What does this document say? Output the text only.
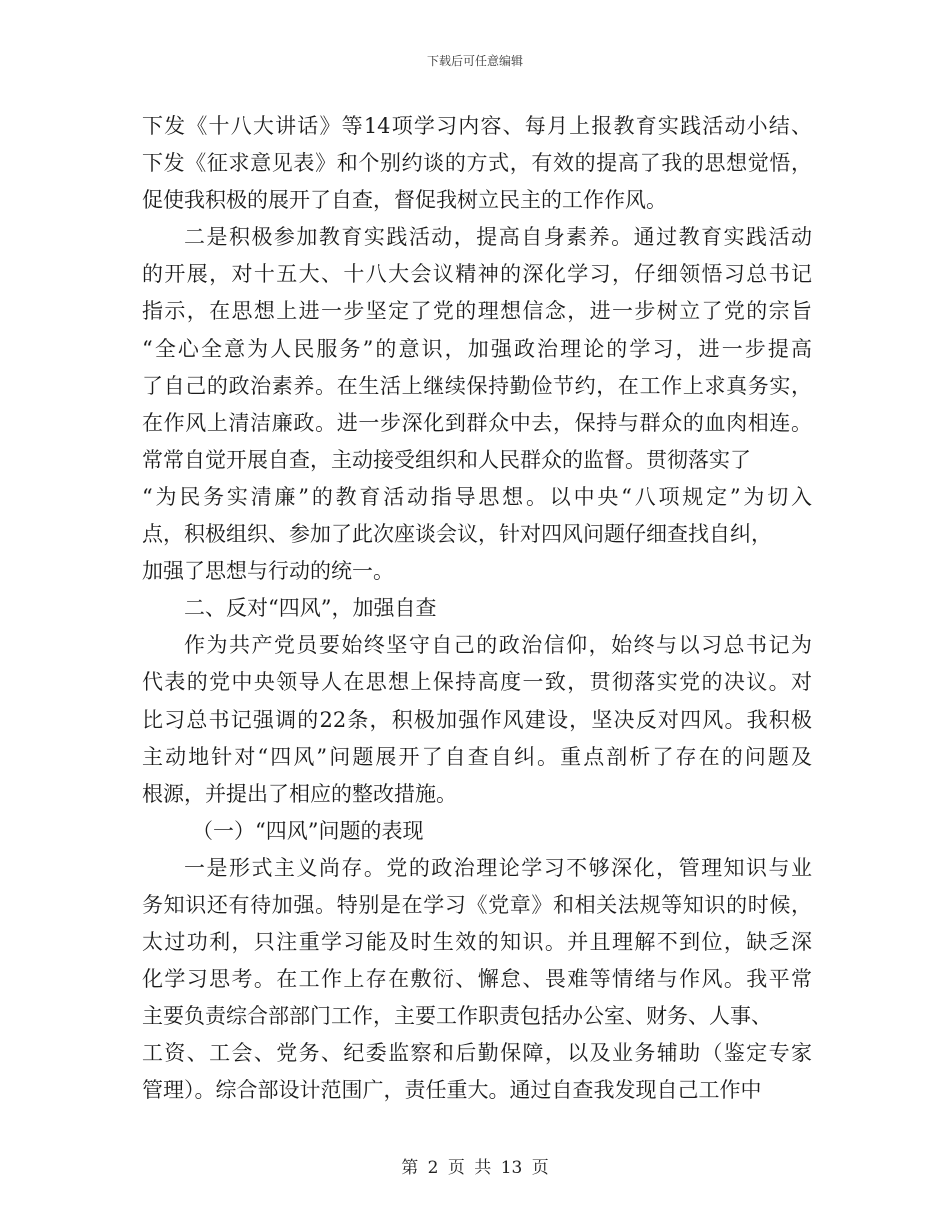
下载后可任意编辑
下发《十八大讲话》等14项学习内容、每月上报教育实践活动小结、
下发《征求意见表》和个别约谈的方式，有效的提高了我的思想觉悟，
促使我积极的展开了自查，督促我树立民主的工作作风。
二是积极参加教育实践活动，提高自身素养。通过教育实践活动
的开展，对十五大、十八大会议精神的深化学习，仔细领悟习总书记
指示，在思想上进一步坚定了党的理想信念，进一步树立了党的宗旨
“全心全意为人民服务”的意识，加强政治理论的学习，进一步提高
了自己的政治素养。在生活上继续保持勤俭节约，在工作上求真务实，
在作风上清洁廉政。进一步深化到群众中去，保持与群众的血肉相连。
常常自觉开展自查，主动接受组织和人民群众的监督。贯彻落实了
“为民务实清廉”的教育活动指导思想。以中央“八项规定”为切入
点，积极组织、参加了此次座谈会议，针对四风问题仔细查找自纠，
加强了思想与行动的统一。
二、反对“四风”，加强自查
作为共产党员要始终坚守自己的政治信仰，始终与以习总书记为
代表的党中央领导人在思想上保持高度一致，贯彻落实党的决议。对
比习总书记强调的22条，积极加强作风建设，坚决反对四风。我积极
主动地针对“四风”问题展开了自查自纠。重点剖析了存在的问题及
根源，并提出了相应的整改措施。
（一）“四风”问题的表现
一是形式主义尚存。党的政治理论学习不够深化，管理知识与业
务知识还有待加强。特别是在学习《党章》和相关法规等知识的时候，
太过功利，只注重学习能及时生效的知识。并且理解不到位，缺乏深
化学习思考。在工作上存在敷衍、懈怠、畏难等情绪与作风。我平常
主要负责综合部部门工作，主要工作职责包括办公室、财务、人事、
工资、工会、党务、纪委监察和后勤保障，以及业务辅助（鉴定专家
管理）。综合部设计范围广，责任重大。通过自查我发现自己工作中
第 2 页 共 13 页
